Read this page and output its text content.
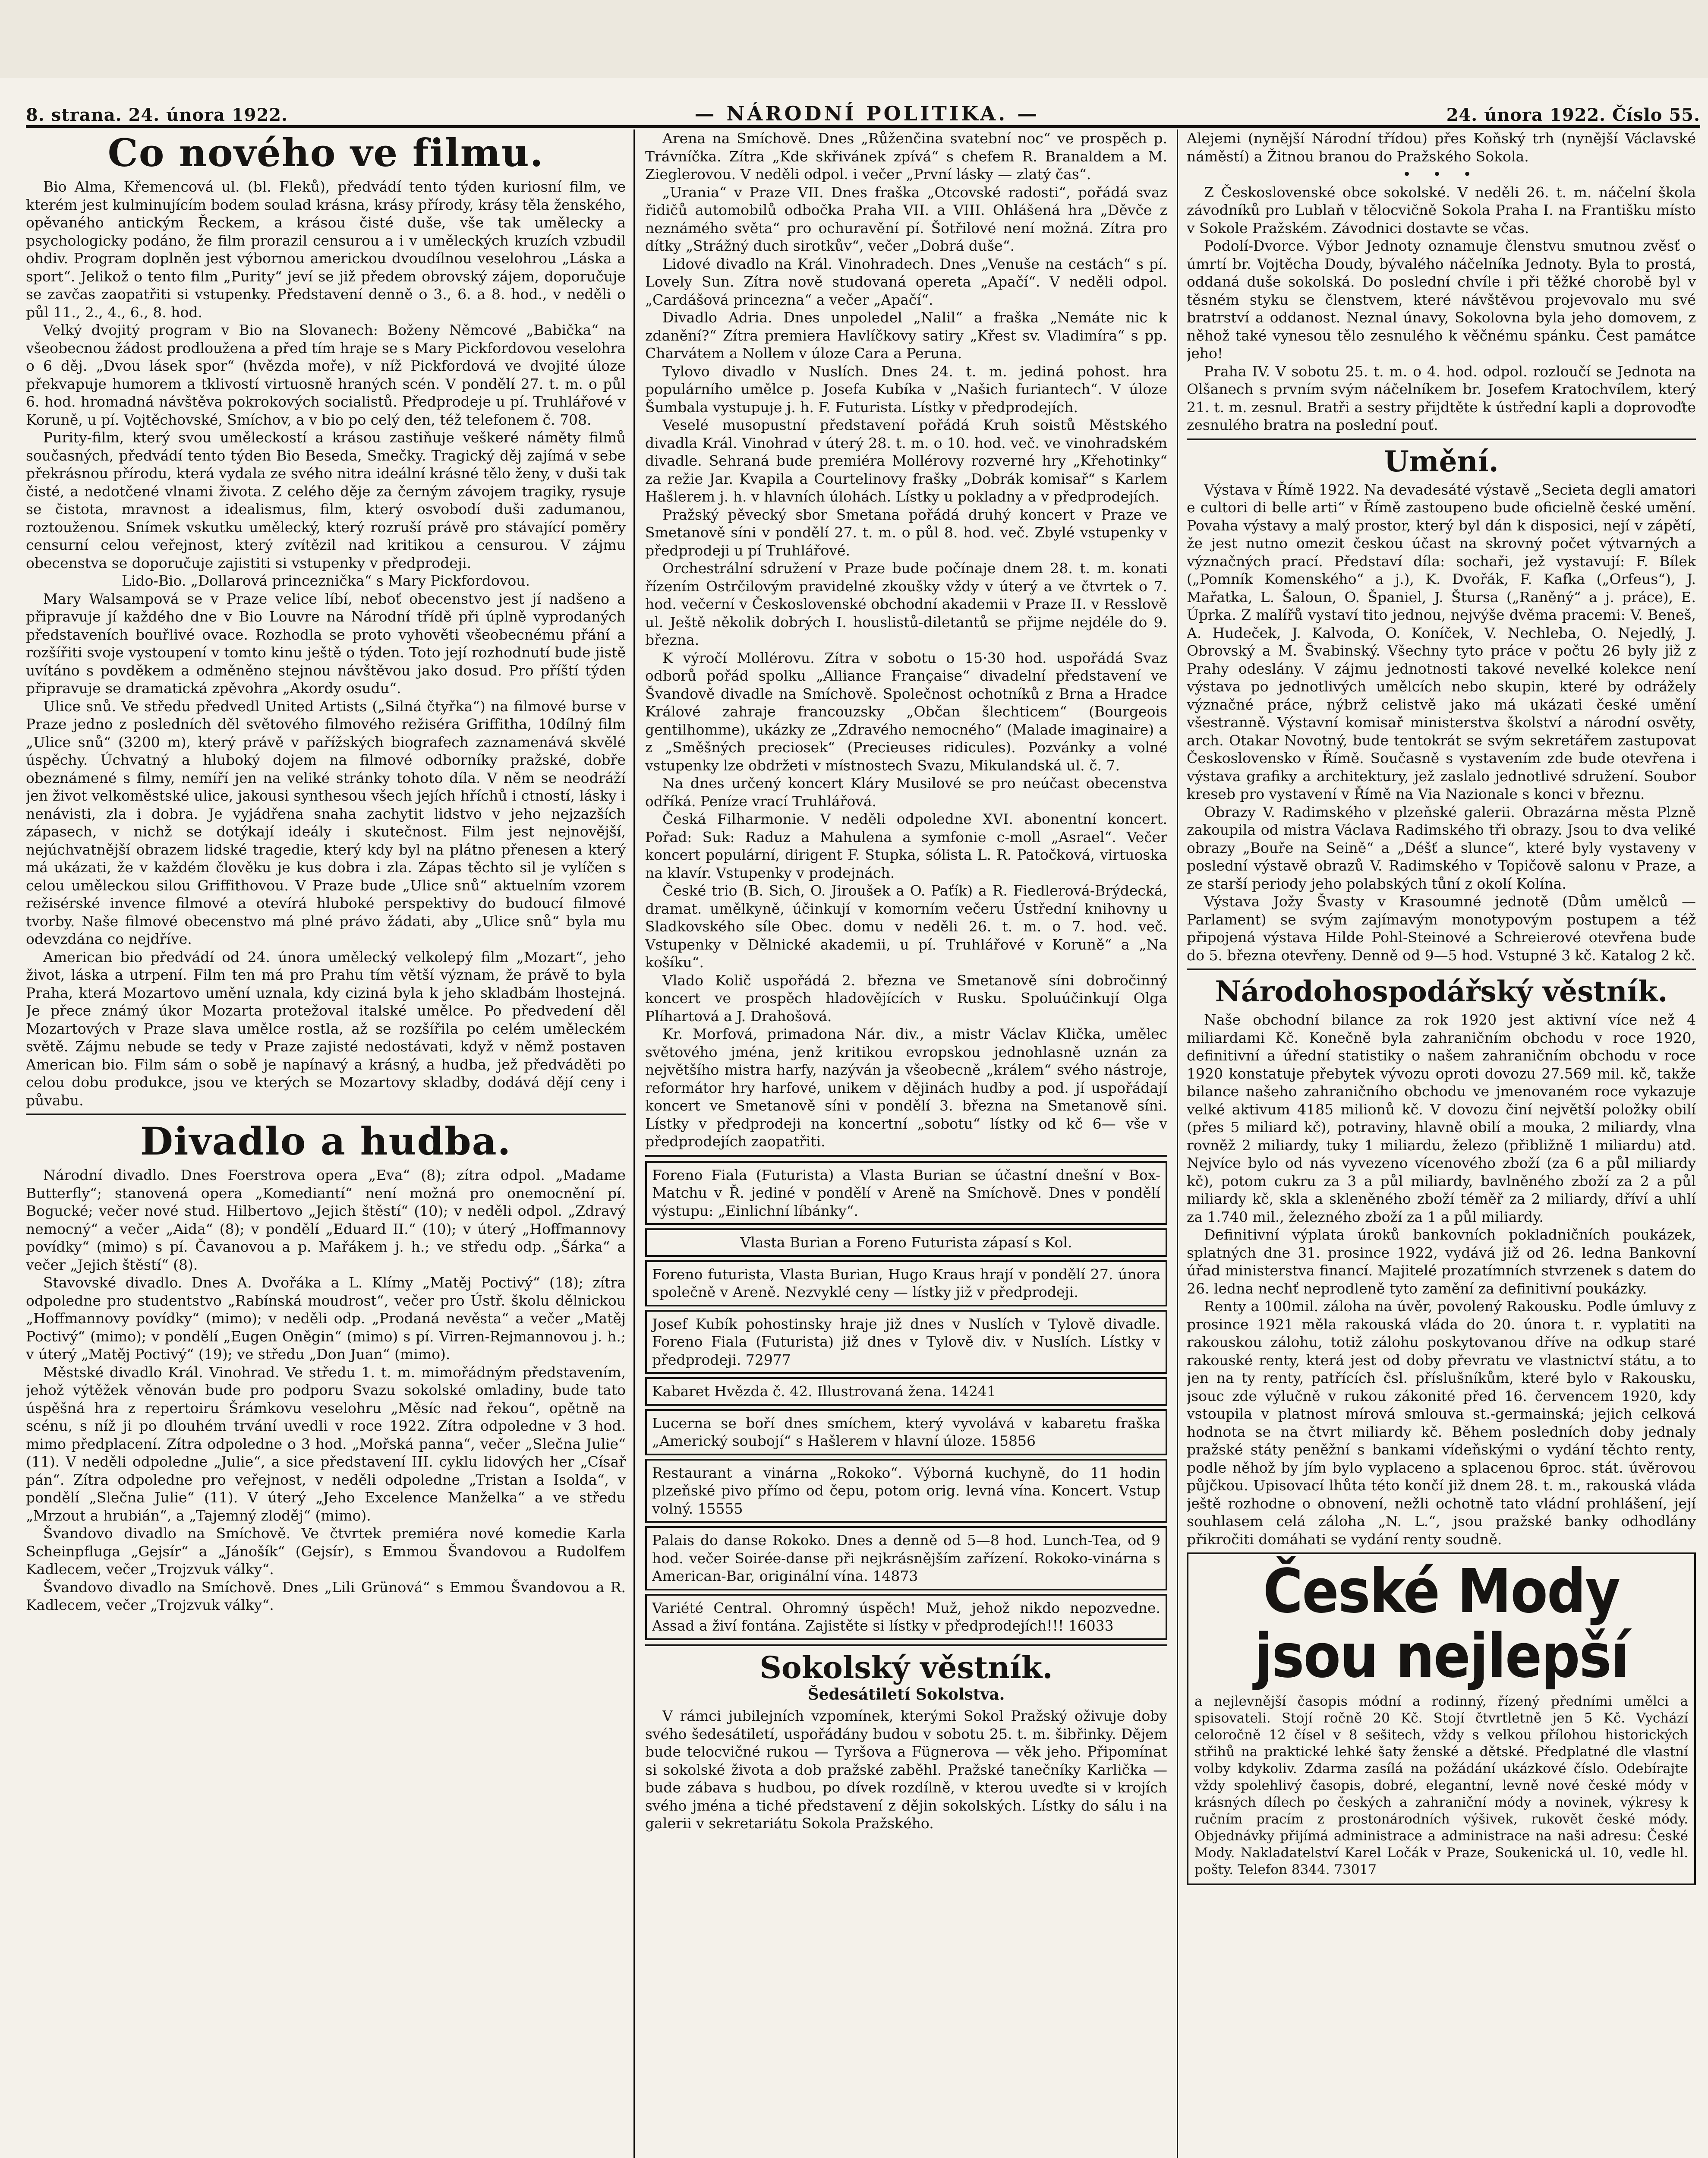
8. strana. 24. února 1922.	— NÁRODNÍ POLITIKA. —	24. února 1922. Číslo 55.
Co nového ve filmu.

Bio Alma, Křemencová ul. (bl. Fleků), předvádí tento týden kuriosní film, ve kterém jest kulminujícím bodem soulad krásna, krásy přírody, krásy těla ženského, opěvaného antickým Řeckem, a krásou čisté duše, vše tak umělecky a psychologicky podáno, že film prorazil censurou a i v uměleckých kruzích vzbudil ohdiv. Program doplněn jest výbornou americkou dvoudílnou veselohrou „Láska a sport“. Jelikož o tento film „Purity“ jeví se již předem obrovský zájem, doporučuje se zavčas zaopatřiti si vstupenky. Představení denně o 3., 6. a 8. hod., v neděli o půl 11., 2., 4., 6., 8. hod.

Velký dvojitý program v Bio na Slovanech: Boženy Němcové „Babička“ na všeobecnou žádost prodloužena a před tím hraje se s Mary Pickfordovou veselohra o 6 děj. „Dvou lásek spor“ (hvězda moře), v níž Pickfordová ve dvojité úloze překvapuje humorem a tklivostí virtuosně hraných scén. V pondělí 27. t. m. o půl 6. hod. hromadná návštěva pokrokových socialistů. Předprodeje u pí. Truhlářové v Koruně, u pí. Vojtěchovské, Smíchov, a v bio po celý den, též telefonem č. 708.

Purity-film, který svou uměleckostí a krásou zastiňuje veškeré náměty filmů současných, předvádí tento týden Bio Beseda, Smečky. Tragický děj zajímá v sebe překrásnou přírodu, která vydala ze svého nitra ideální krásné tělo ženy, v duši tak čisté, a nedotčené vlnami života. Z celého děje za černým závojem tragiky, rysuje se čistota, mravnost a idealismus, film, který osvobodí duši zadumanou, roztouženou. Snímek vskutku umělecký, který rozruší právě pro stávající poměry censurní celou veřejnost, který zvítězil nad kritikou a censurou. V zájmu obecenstva se doporučuje zajistiti si vstupenky v předprodeji.

Lido-Bio. „Dollarová princeznička“ s Mary Pickfordovou.

Mary Walsampová se v Praze velice líbí, neboť obecenstvo jest jí nadšeno a připravuje jí každého dne v Bio Louvre na Národní třídě při úplně vyprodaných představeních bouřlivé ovace. Rozhodla se proto vyhověti všeobecnému přání a rozšířiti svoje vystoupení v tomto kinu ještě o týden. Toto její rozhodnutí bude jistě uvítáno s povděkem a odměněno stejnou návštěvou jako dosud. Pro příští týden připravuje se dramatická zpěvohra „Akordy osudu“.

Ulice snů. Ve středu předvedl United Artists („Silná čtyřka“) na filmové burse v Praze jedno z posledních děl světového filmového režiséra Griffitha, 10dílný film „Ulice snů“ (3200 m), který právě v pařížských biografech zaznamenává skvělé úspěchy. Úchvatný a hluboký dojem na filmové odborníky pražské, dobře obeznámené s filmy, nemíří jen na veliké stránky tohoto díla. V něm se neodráží jen život velkoměstské ulice, jakousi synthesou všech jejích hříchů i ctností, lásky i nenávisti, zla i dobra. Je vyjádřena snaha zachytit lidstvo v jeho nejzazších zápasech, v nichž se dotýkají ideály i skutečnost. Film jest nejnovější, nejúchvatnější obrazem lidské tragedie, který kdy byl na plátno přenesen a který má ukázati, že v každém člověku je kus dobra i zla. Zápas těchto sil je vylíčen s celou uměleckou silou Griffithovou. V Praze bude „Ulice snů“ aktuelním vzorem režisérské invence filmové a otevírá hluboké perspektivy do budoucí filmové tvorby. Naše filmové obecenstvo má plné právo žádati, aby „Ulice snů“ byla mu odevzdána co nejdříve.

American bio předvádí od 24. února umělecký velkolepý film „Mozart“, jeho život, láska a utrpení. Film ten má pro Prahu tím větší význam, že právě to byla Praha, která Mozartovo umění uznala, kdy ciziná byla k jeho skladbám lhostejná. Je přece známý úkor Mozarta protežoval italské umělce. Po předvedení děl Mozartových v Praze slava umělce rostla, až se rozšířila po celém uměleckém světě. Zájmu nebude se tedy v Praze zajisté nedostávati, když v němž postaven American bio. Film sám o sobě je napínavý a krásný, a hudba, jež předváděti po celou dobu produkce, jsou ve kterých se Mozartovy skladby, dodává dějí ceny i půvabu.

Divadlo a hudba.

Národní divadlo. Dnes Foerstrova opera „Eva“ (8); zítra odpol. „Madame Butterfly“; stanovená opera „Komediantí“ není možná pro onemocnění pí. Bogucké; večer nové stud. Hilbertovo „Jejich štěstí“ (10); v neděli odpol. „Zdravý nemocný“ a večer „Aida“ (8); v pondělí „Eduard II.“ (10); v úterý „Hoffmannovy povídky“ (mimo) s pí. Čavanovou a p. Mařákem j. h.; ve středu odp. „Šárka“ a večer „Jejich štěstí“ (8).

Stavovské divadlo. Dnes A. Dvořáka a L. Klímy „Matěj Poctivý“ (18); zítra odpoledne pro studentstvo „Rabínská moudrost“, večer pro Ústř. školu dělnickou „Hoffmannovy povídky“ (mimo); v neděli odp. „Prodaná nevěsta“ a večer „Matěj Poctivý“ (mimo); v pondělí „Eugen Oněgin“ (mimo) s pí. Virren-Rejmannovou j. h.; v úterý „Matěj Poctivý“ (19); ve středu „Don Juan“ (mimo).

Městské divadlo Král. Vinohrad. Ve středu 1. t. m. mimořádným představením, jehož výtěžek věnován bude pro podporu Svazu sokolské omladiny, bude tato úspěšná hra z repertoiru Šrámkovu veselohru „Měsíc nad řekou“, opětně na scénu, s níž ji po dlouhém trvání uvedli v roce 1922. Zítra odpoledne v 3 hod. mimo předplacení. Zítra odpoledne o 3 hod. „Mořská panna“, večer „Slečna Julie“ (11). V neděli odpoledne „Julie“, a sice představení III. cyklu lidových her „Císař pán“. Zítra odpoledne pro veřejnost, v neděli odpoledne „Tristan a Isolda“, v pondělí „Slečna Julie“ (11). V úterý „Jeho Excelence Manželka“ a ve středu „Mrzout a hrubián“, a „Tajemný zloděj“ (mimo).

Švandovo divadlo na Smíchově. Ve čtvrtek premiéra nové komedie Karla Scheinpfluga „Gejsír“ a „Jánošík“ (Gejsír), s Emmou Švandovou a Rudolfem Kadlecem, večer „Trojzvuk války“.

Švandovo divadlo na Smíchově. Dnes „Lili Grünová“ s Emmou Švandovou a R. Kadlecem, večer „Trojzvuk války“.

Arena na Smíchově. Dnes „Růženčina svatební noc“ ve prospěch p. Trávníčka. Zítra „Kde skřivánek zpívá“ s chefem R. Branaldem a M. Zieglerovou. V neděli odpol. i večer „První lásky — zlatý čas“.

„Urania“ v Praze VII. Dnes fraška „Otcovské radosti“, pořádá svaz řidičů automobilů odbočka Praha VII. a VIII. Ohlášená hra „Děvče z neznámého světa“ pro ochuravění pí. Šotřilové není možná. Zítra pro dítky „Strážný duch sirotkův“, večer „Dobrá duše“.

Lidové divadlo na Král. Vinohradech. Dnes „Venuše na cestách“ s pí. Lovely Sun. Zítra nově studovaná opereta „Apačí“. V neděli odpol. „Cardášová princezna“ a večer „Apačí“.

Divadlo Adria. Dnes unpoledel „Nalil“ a fraška „Nemáte nic k zdanění?“ Zítra premiera Havlíčkovy satiry „Křest sv. Vladimíra“ s pp. Charvátem a Nollem v úloze Cara a Peruna.

Tylovo divadlo v Nuslích. Dnes 24. t. m. jediná pohost. hra populárního umělce p. Josefa Kubíka v „Našich furiantech“. V úloze Šumbala vystupuje j. h. F. Futurista. Lístky v předprodejích.

Veselé musopustní představení pořádá Kruh soistů Městského divadla Král. Vinohrad v úterý 28. t. m. o 10. hod. več. ve vinohradském divadle. Sehraná bude premiéra Mollérovy rozverné hry „Křehotinky“ za režie Jar. Kvapila a Courtelinovy frašky „Dobrák komisař“ s Karlem Hašlerem j. h. v hlavních úlohách. Lístky u pokladny a v předprodejích.

Pražský pěvecký sbor Smetana pořádá druhý koncert v Praze ve Smetanově síni v pondělí 27. t. m. o půl 8. hod. več. Zbylé vstupenky v předprodeji u pí Truhlářové.

Orchestrální sdružení v Praze bude počínaje dnem 28. t. m. konati řízením Ostrčilovým pravidelné zkoušky vždy v úterý a ve čtvrtek o 7. hod. večerní v Československé obchodní akademii v Praze II. v Resslově ul. Ještě několik dobrých I. houslistů-diletantů se přijme nejdéle do 9. března.

K výročí Mollérovu. Zítra v sobotu o 15·30 hod. uspořádá Svaz odborů pořád spolku „Alliance Française“ divadelní představení ve Švandově divadle na Smíchově. Společnost ochotníků z Brna a Hradce Králové zahraje francouzsky „Občan šlechticem“ (Bourgeois gentilhomme), ukázky ze „Zdravého nemocného“ (Malade imaginaire) a z „Směšných preciosek“ (Precieuses ridicules). Pozvánky a volné vstupenky lze obdržeti v místnostech Svazu, Mikulandská ul. č. 7.

Na dnes určený koncert Kláry Musilové se pro neúčast obecenstva odříká. Peníze vrací Truhlářová.

Česká Filharmonie. V neděli odpoledne XVI. abonentní koncert. Pořad: Suk: Raduz a Mahulena a symfonie c-moll „Asrael“. Večer koncert populární, dirigent F. Stupka, sólista L. R. Patočková, virtuoska na klavír. Vstupenky v prodejnách.

České trio (B. Sich, O. Jiroušek a O. Paťík) a R. Fiedlerová-Brýdecká, dramat. umělkyně, účinkují v komorním večeru Ústřední knihovny u Sladkovského síle Obec. domu v neděli 26. t. m. o 7. hod. več. Vstupenky v Dělnické akademii, u pí. Truhlářové v Koruně“ a „Na košíku“.

Vlado Količ uspořádá 2. března ve Smetanově síni dobročinný koncert ve prospěch hladovějících v Rusku. Spoluúčinkují Olga Plíhartová a J. Drahošová.

Kr. Morfová, primadona Nár. div., a mistr Václav Klička, umělec světového jména, jenž kritikou evropskou jednohlasně uznán za největšího mistra harfy, nazýván ja všeobecně „králem“ svého nástroje, reformátor hry harfové, unikem v dějinách hudby a pod. jí uspořádají koncert ve Smetanově síni v pondělí 3. března na Smetanově síni. Lístky v předprodeji na koncertní „sobotu“ lístky od kč 6— vše v předprodejích zaopatřiti.

Foreno Fiala (Futurista) a Vlasta Burian se účastní dnešní v Box-Matchu v Ř. jediné v pondělí v Areně na Smíchově. Dnes v pondělí výstupu: „Einlichní líbánky“.

Vlasta Burian a Foreno Futurista zápasí s Kol.

Foreno futurista, Vlasta Burian, Hugo Kraus hrají v pondělí 27. února společně v Areně. Nezvyklé ceny — lístky již v předprodeji.

Josef Kubík pohostinsky hraje již dnes v Nuslích v Tylově divadle. Foreno Fiala (Futurista) již dnes v Tylově div. v Nuslích. Lístky v předprodeji. 72977

Kabaret Hvězda č. 42. Illustrovaná žena. 14241

Lucerna se boří dnes smíchem, který vyvolává v kabaretu fraška „Americký soubojí“ s Hašlerem v hlavní úloze. 15856

Restaurant a vinárna „Rokoko“. Výborná kuchyně, do 11 hodin plzeňské pivo přímo od čepu, potom orig. levná vína. Koncert. Vstup volný. 15555

Palais do danse Rokoko. Dnes a denně od 5—8 hod. Lunch-Tea, od 9 hod. večer Soirée-danse při nejkrásnějším zařízení. Rokoko-vinárna s American-Bar, originální vína. 14873

Variété Central. Ohromný úspěch! Muž, jehož nikdo nepozvedne. Assad a živí fontána. Zajistěte si lístky v předprodejích!!! 16033

Sokolský věstník.
Šedesátiletí Sokolstva.

V rámci jubilejních vzpomínek, kterými Sokol Pražský oživuje doby svého šedesátiletí, uspořádány budou v sobotu 25. t. m. šibřinky. Dějem bude telocvičné rukou — Tyršova a Fügnerova — věk jeho. Připomínat si sokolské života a dob pražské zaběhl. Pražské tanečníky Karlička — bude zábava s hudbou, po dívek rozdílně, v kterou uveďte si v krojích svého jména a tiché představení z dějin sokolských. Lístky do sálu i na galerii v sekretariátu Sokola Pražského.

Alejemi (nynější Národní třídou) přes Koňský trh (nynější Václavské náměstí) a Žitnou branou do Pražského Sokola.

• • •

Z Československé obce sokolské. V neděli 26. t. m. náčelní škola závodníků pro Lublaň v tělocvičně Sokola Praha I. na Františku místo v Sokole Pražském. Závodnici dostavte se včas.

Podolí-Dvorce. Výbor Jednoty oznamuje členstvu smutnou zvěsť o úmrtí br. Vojtěcha Doudy, bývalého náčelníka Jednoty. Byla to prostá, oddaná duše sokolská. Do poslední chvíle i při těžké chorobě byl v těsném styku se členstvem, které návštěvou projevovalo mu své bratrství a oddanost. Neznal únavy, Sokolovna byla jeho domovem, z něhož také vynesou tělo zesnulého k věčnému spánku. Čest památce jeho!

Praha IV. V sobotu 25. t. m. o 4. hod. odpol. rozloučí se Jednota na Olšanech s prvním svým náčelníkem br. Josefem Kratochvílem, který 21. t. m. zesnul. Bratři a sestry přijdtěte k ústřední kapli a doprovoďte zesnulého bratra na poslední pouť.

Umění.

Výstava v Římě 1922. Na devadesáté výstavě „Secieta degli amatori e cultori di belle arti“ v Římě zastoupeno bude oficielně české umění. Povaha výstavy a malý prostor, který byl dán k disposici, nejí v zápětí, že jest nutno omezit českou účast na skrovný počet výtvarných a význačných prací. Představí díla: sochaři, jež vystavují: F. Bílek („Pomník Komenského“ a j.), K. Dvořák, F. Kafka („Orfeus“), J. Mařatka, L. Šaloun, O. Španiel, J. Štursa („Raněný“ a j. práce), E. Úprka. Z malířů vystaví tito jednou, nejvýše dvěma pracemi: V. Beneš, A. Hudeček, J. Kalvoda, O. Koníček, V. Nechleba, O. Nejedlý, J. Obrovský a M. Švabinský. Všechny tyto práce v počtu 26 byly již z Prahy odeslány. V zájmu jednotnosti takové nevelké kolekce není výstava po jednotlivých umělcích nebo skupin, které by odrážely význačné práce, nýbrž celistvě jako má ukázati české umění všestranně. Výstavní komisař ministerstva školství a národní osvěty, arch. Otakar Novotný, bude tentokrát se svým sekretářem zastupovat Československo v Římě. Současně s vystavením zde bude otevřena i výstava grafiky a architektury, jež zaslalo jednotlivé sdružení. Soubor kreseb pro vystavení v Římě na Via Nazionale s konci v březnu.

Obrazy V. Radimského v plzeňské galerii. Obrazárna města Plzně zakoupila od mistra Václava Radimského tři obrazy. Jsou to dva veliké obrazy „Bouře na Seině“ a „Déšť a slunce“, které byly vystaveny v poslední výstavě obrazů V. Radimského v Topičově salonu v Praze, a ze starší periody jeho polabských tůní z okolí Kolína.

Výstava Jožy Švasty v Krasoumné jednotě (Dům umělců — Parlament) se svým zajímavým monotypovým postupem a též připojená výstava Hilde Pohl-Steinové a Schreierové otevřena bude do 5. března otevřeny. Denně od 9—5 hod. Vstupné 3 kč. Katalog 2 kč.

Národohospodářský věstník.

Naše obchodní bilance za rok 1920 jest aktivní více než 4 miliardami Kč. Konečně byla zahraničním obchodu v roce 1920, definitivní a úřední statistiky o našem zahraničním obchodu v roce 1920 konstatuje přebytek vývozu oproti dovozu 27.569 mil. kč, takže bilance našeho zahraničního obchodu ve jmenovaném roce vykazuje velké aktivum 4185 milionů kč. V dovozu činí největší položky obilí (přes 5 miliard kč), potraviny, hlavně obilí a mouka, 2 miliardy, vlna rovněž 2 miliardy, tuky 1 miliardu, železo (přibližně 1 miliardu) atd. Nejvíce bylo od nás vyvezeno vícenového zboží (za 6 a půl miliardy kč), potom cukru za 3 a půl miliardy, bavlněného zboží za 2 a půl miliardy kč, skla a skleněného zboží téměř za 2 miliardy, dříví a uhlí za 1.740 mil., železného zboží za 1 a půl miliardy.

Definitivní výplata úroků bankovních pokladničních poukázek, splatných dne 31. prosince 1922, vydává již od 26. ledna Bankovní úřad ministerstva financí. Majitelé prozatímních stvrzenek s datem do 26. ledna nechť neprodleně tyto zamění za definitivní poukázky.

Renty a 100mil. záloha na úvěr, povolený Rakousku. Podle úmluvy z prosince 1921 měla rakouská vláda do 20. února t. r. vyplatiti na rakouskou zálohu, totiž zálohu poskytovanou dříve na odkup staré rakouské renty, která jest od doby převratu ve vlastnictví státu, a to jen na ty renty, patřících čsl. příslušníkům, které bylo v Rakousku, jsouc zde výlučně v rukou zákonité před 16. červencem 1920, kdy vstoupila v platnost mírová smlouva st.-germainská; jejich celková hodnota se na čtvrt miliardy kč. Během posledních doby jednaly pražské státy peněžní s bankami vídeňskými o vydání těchto renty, podle něhož by jím bylo vyplaceno a splacenou 6proc. stát. úvěrovou půjčkou. Upisovací lhůta této končí již dnem 28. t. m., rakouská vláda ještě rozhodne o obnovení, nežli ochotně tato vládní prohlášení, její souhlasem celá záloha „N. L.“, jsou pražské banky odhodlány přikročiti domáhati se vydání renty soudně.

České Mody jsou nejlepší

a nejlevnější časopis módní a rodinný, řízený předními umělci a spisovateli. Stojí ročně 20 Kč. Stojí čtvrtletně jen 5 Kč. Vychází celoročně 12 čísel v 8 sešitech, vždy s velkou přílohou historických střihů na praktické lehké šaty ženské a dětské. Předplatné dle vlastní volby kdykoliv. Zdarma zasílá na požádání ukázkové číslo. Odebírajte vždy spolehlivý časopis, dobré, elegantní, levně nové české módy v krásných dílech po českých a zahraniční módy a novinek, výkresy k ručním pracím z prostonárodních výšivek, rukovět české módy. Objednávky přijímá administrace a administrace na naši adresu: České Mody. Nakladatelství Karel Ločák v Praze, Soukenická ul. 10, vedle hl. pošty. Telefon 8344. 73017
